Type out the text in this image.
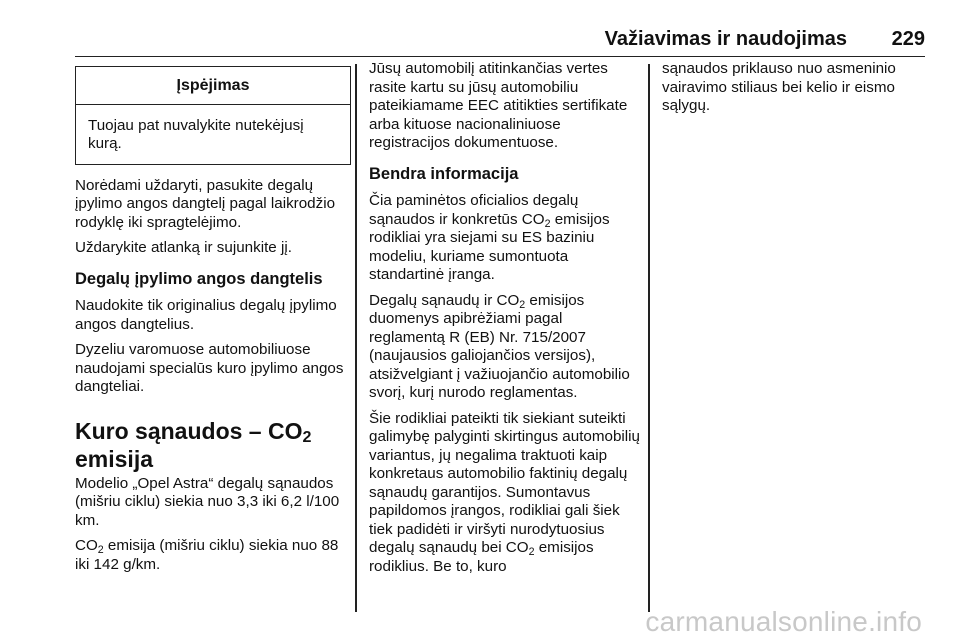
Važiavimas ir naudojimas 229
Įspėjimas
Tuojau pat nuvalykite nutekėjusį kurą.

Norėdami uždaryti, pasukite degalų įpylimo angos dangtelį pagal laikrodžio rodyklę iki spragtelėjimo.

Uždarykite atlanką ir sujunkite jį.

Degalų įpylimo angos dangtelis

Naudokite tik originalius degalų įpylimo angos dangtelius.

Dyzeliu varomuose automobiliuose naudojami specialūs kuro įpylimo angos dangteliai.

Kuro sąnaudos – $CO_2$
emisija

Modelio „Opel Astra“ degalų sąnaudos (mišriu ciklu) siekia nuo 3,3 iki 6,2 l/100 km.

$CO_2$ emisija (mišriu ciklu) siekia nuo 88 iki 142 g/km.

Jūsų automobilį atitinkančias vertes rasite kartu su jūsų automobiliu pateikiamame EEC atitikties sertifikate arba kituose nacionaliniuose registracijos dokumentuose.

Bendra informacija

Čia paminėtos oficialios degalų sąnaudos ir konkretūs $CO_2$ emisijos rodikliai yra siejami su ES baziniu modeliu, kuriame sumontuota standartinė įranga.

Degalų sąnaudų ir $CO_2$ emisijos duomenys apibrėžiami pagal reglamentą R (EB) Nr. 715/2007 (naujausios galiojančios versijos), atsižvelgiant į važiuojančio automobilio svorį, kurį nurodo reglamentas.

Šie rodikliai pateikti tik siekiant suteikti galimybę palyginti skirtingus automobilių variantus, jų negalima traktuoti kaip konkretaus automobilio faktinių degalų sąnaudų garantijos. Sumontavus papildomos įrangos, rodikliai gali šiek tiek padidėti ir viršyti nurodytuosius degalų sąnaudų bei $CO_2$ emisijos rodiklius. Be to, kuro

sąnaudos priklauso nuo asmeninio vairavimo stiliaus bei kelio ir eismo sąlygų.

carmanualsonline.info
